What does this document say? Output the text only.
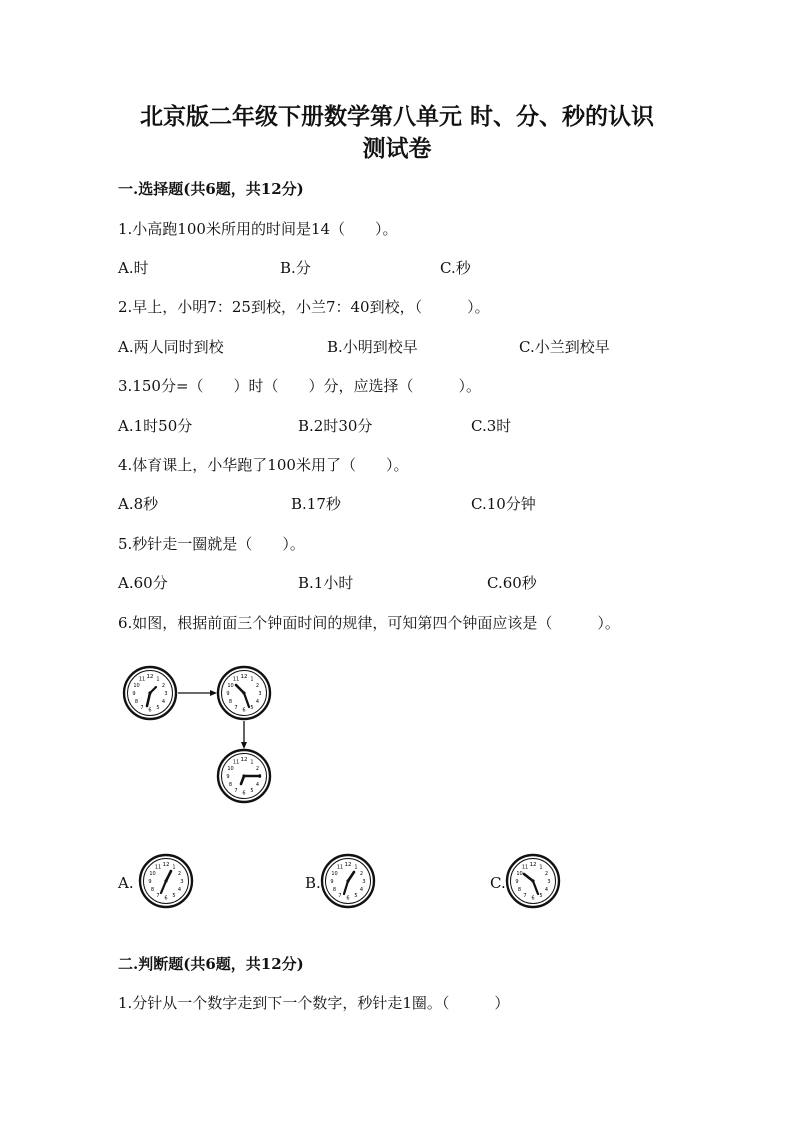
北京版二年级下册数学第八单元 时、分、秒的认识
测试卷
一.选择题(共6题，共12分)
1.小高跑100米所用的时间是14（　　）。
A.时	B.分	C.秒
2.早上，小明7：25到校，小兰7：40到校，（　　　）。
A.两人同时到校	B.小明到校早	C.小兰到校早
3.150分=（　　）时（　　）分，应选择（　　　）。
A.1时50分	B.2时30分	C.3时
4.体育课上，小华跑了100米用了（　　）。
A.8秒	B.17秒	C.10分钟
5.秒针走一圈就是（　　）。
A.60分	B.1小时	C.60秒
6.如图，根据前面三个钟面时间的规律，可知第四个钟面应该是（　　　）。
12 1
2
3
4
5
6
7
8
9
10
11
A.	B.	C.
二.判断题(共6题，共12分)
1.分针从一个数字走到下一个数字，秒针走1圈。（　　　）
